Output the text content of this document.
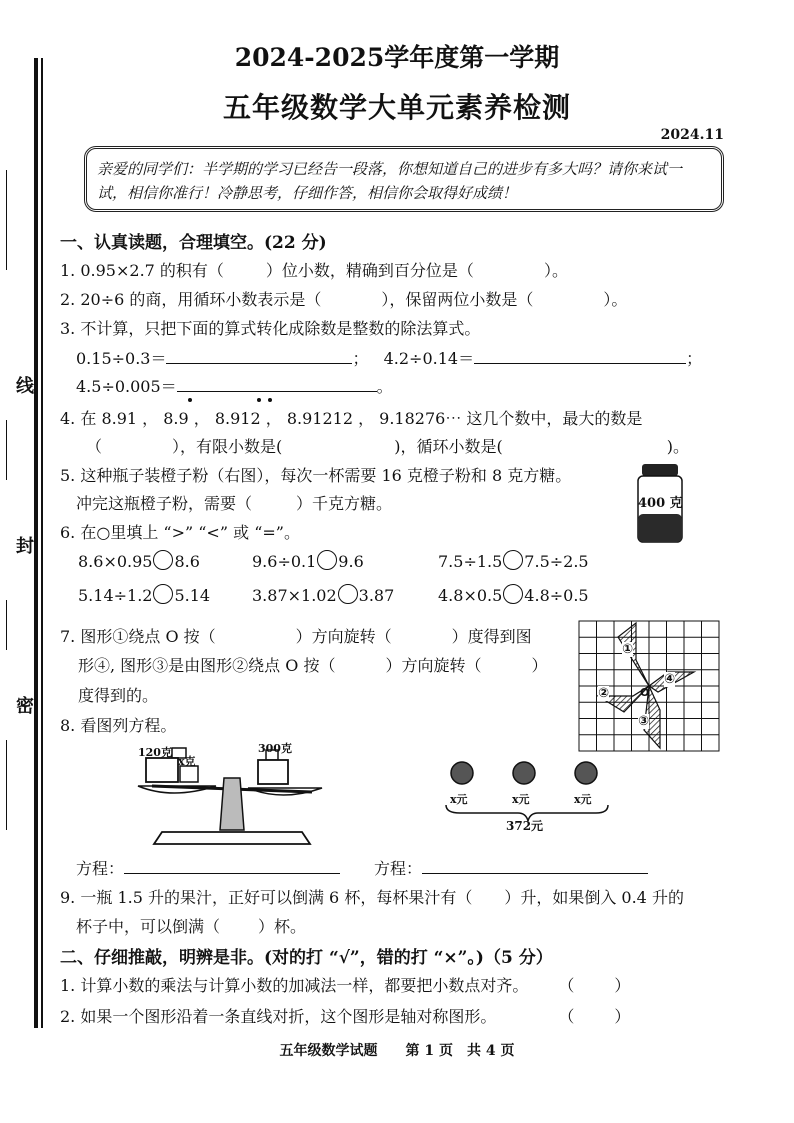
线
封
密
2024-2025学年度第一学期
五年级数学大单元素养检测
2024.11
亲爱的同学们：半学期的学习已经告一段落，你想知道自己的进步有多大吗？请你来试一试，相信你准行！冷静思考，仔细作答，相信你会取得好成绩！
一、认真读题，合理填空。(22 分)
1. 0.95×2.7 的积有（	）位小数，精确到百分位是（	）。
2. 20÷6 的商，用循环小数表示是（	），保留两位小数是（	）。
3. 不计算，只把下面的算式转化成除数是整数的除法算式。
0.15÷0.3＝	； 4.2÷0.14＝	；
4.5÷0.005＝	。
4. 在 8.91 ， 8.9 ， 8.912 ， 8.91212 ， 9.18276⋯ 这几个数中，最大的数是
（	），有限小数是(	)，循环小数是(	)。
5. 这种瓶子装橙子粉（右图），每次一杯需要 16 克橙子粉和 8 克方糖。
冲完这瓶橙子粉，需要（	）千克方糖。	400 克
6. 在○里填上 “>” “<” 或 “=”。
8.6×0.95 8.6	9.6÷0.1 9.6	7.5÷1.5 7.5÷2.5
5.14÷1.2 5.14	3.87×1.02 3.87	4.8×0.5 4.8÷0.5
7. 图形①绕点 O 按（	）方向旋转（	）度得到图
形④, 图形③是由图形②绕点 O 按（	）方向旋转（	）
度得到的。
①
②
③
④
O
8. 看图列方程。
120克
x克
300克
x元	x元	x元
372元
方程：	方程：
9. 一瓶 1.5 升的果汁，正好可以倒满 6 杯，每杯果汁有（ ）升，如果倒入 0.4 升的
杯子中，可以倒满（ ）杯。
二、仔细推敲，明辨是非。(对的打 “√”，错的打 “×”。)（5 分）
1. 计算小数的乘法与计算小数的加减法一样，都要把小数点对齐。 （	）
2. 如果一个图形沿着一条直线对折，这个图形是轴对称图形。	（	）
五年级数学试题　　第 1 页　共 4 页
